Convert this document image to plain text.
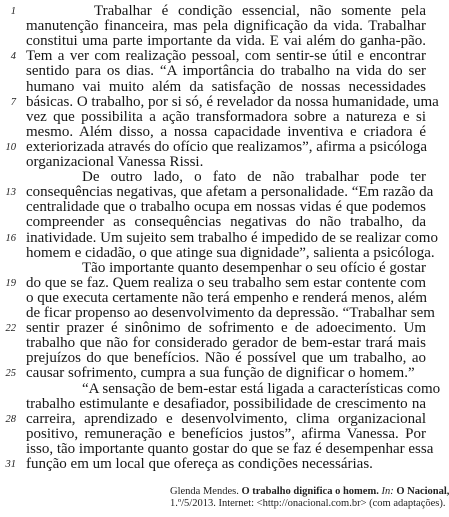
Trabalhar é condição essencial, não somente pela
manutenção financeira, mas pela dignificação da vida. Trabalhar
constitui uma parte importante da vida. E vai além do ganha-pão.
Tem a ver com realização pessoal, com sentir-se útil e encontrar
sentido para os dias. “A importância do trabalho na vida do ser
humano vai muito além da satisfação de nossas necessidades
básicas. O trabalho, por si só, é revelador da nossa humanidade, uma
vez que possibilita a ação transformadora sobre a natureza e si
mesmo. Além disso, a nossa capacidade inventiva e criadora é
exteriorizada através do ofício que realizamos”, afirma a psicóloga
organizacional Vanessa Rissi.
De outro lado, o fato de não trabalhar pode ter
consequências negativas, que afetam a personalidade. “Em razão da
centralidade que o trabalho ocupa em nossas vidas é que podemos
compreender as consequências negativas do não trabalho, da
inatividade. Um sujeito sem trabalho é impedido de se realizar como
homem e cidadão, o que atinge sua dignidade”, salienta a psicóloga.
Tão importante quanto desempenhar o seu ofício é gostar
do que se faz. Quem realiza o seu trabalho sem estar contente com
o que executa certamente não terá empenho e renderá menos, além
de ficar propenso ao desenvolvimento da depressão. “Trabalhar sem
sentir prazer é sinônimo de sofrimento e de adoecimento. Um
trabalho que não for considerado gerador de bem-estar trará mais
prejuízos do que benefícios. Não é possível que um trabalho, ao
causar sofrimento, cumpra a sua função de dignificar o homem.”
“A sensação de bem-estar está ligada a características como
trabalho estimulante e desafiador, possibilidade de crescimento na
carreira, aprendizado e desenvolvimento, clima organizacional
positivo, remuneração e benefícios justos”, afirma Vanessa. Por
isso, tão importante quanto gostar do que se faz é desempenhar essa
função em um local que ofereça as condições necessárias.
1
4
7
10
13
16
19
22
25
28
31
Glenda Mendes. O trabalho dignifica o homem. In: O Nacional,
1.º/5/2013. Internet: <http://onacional.com.br> (com adaptações).
